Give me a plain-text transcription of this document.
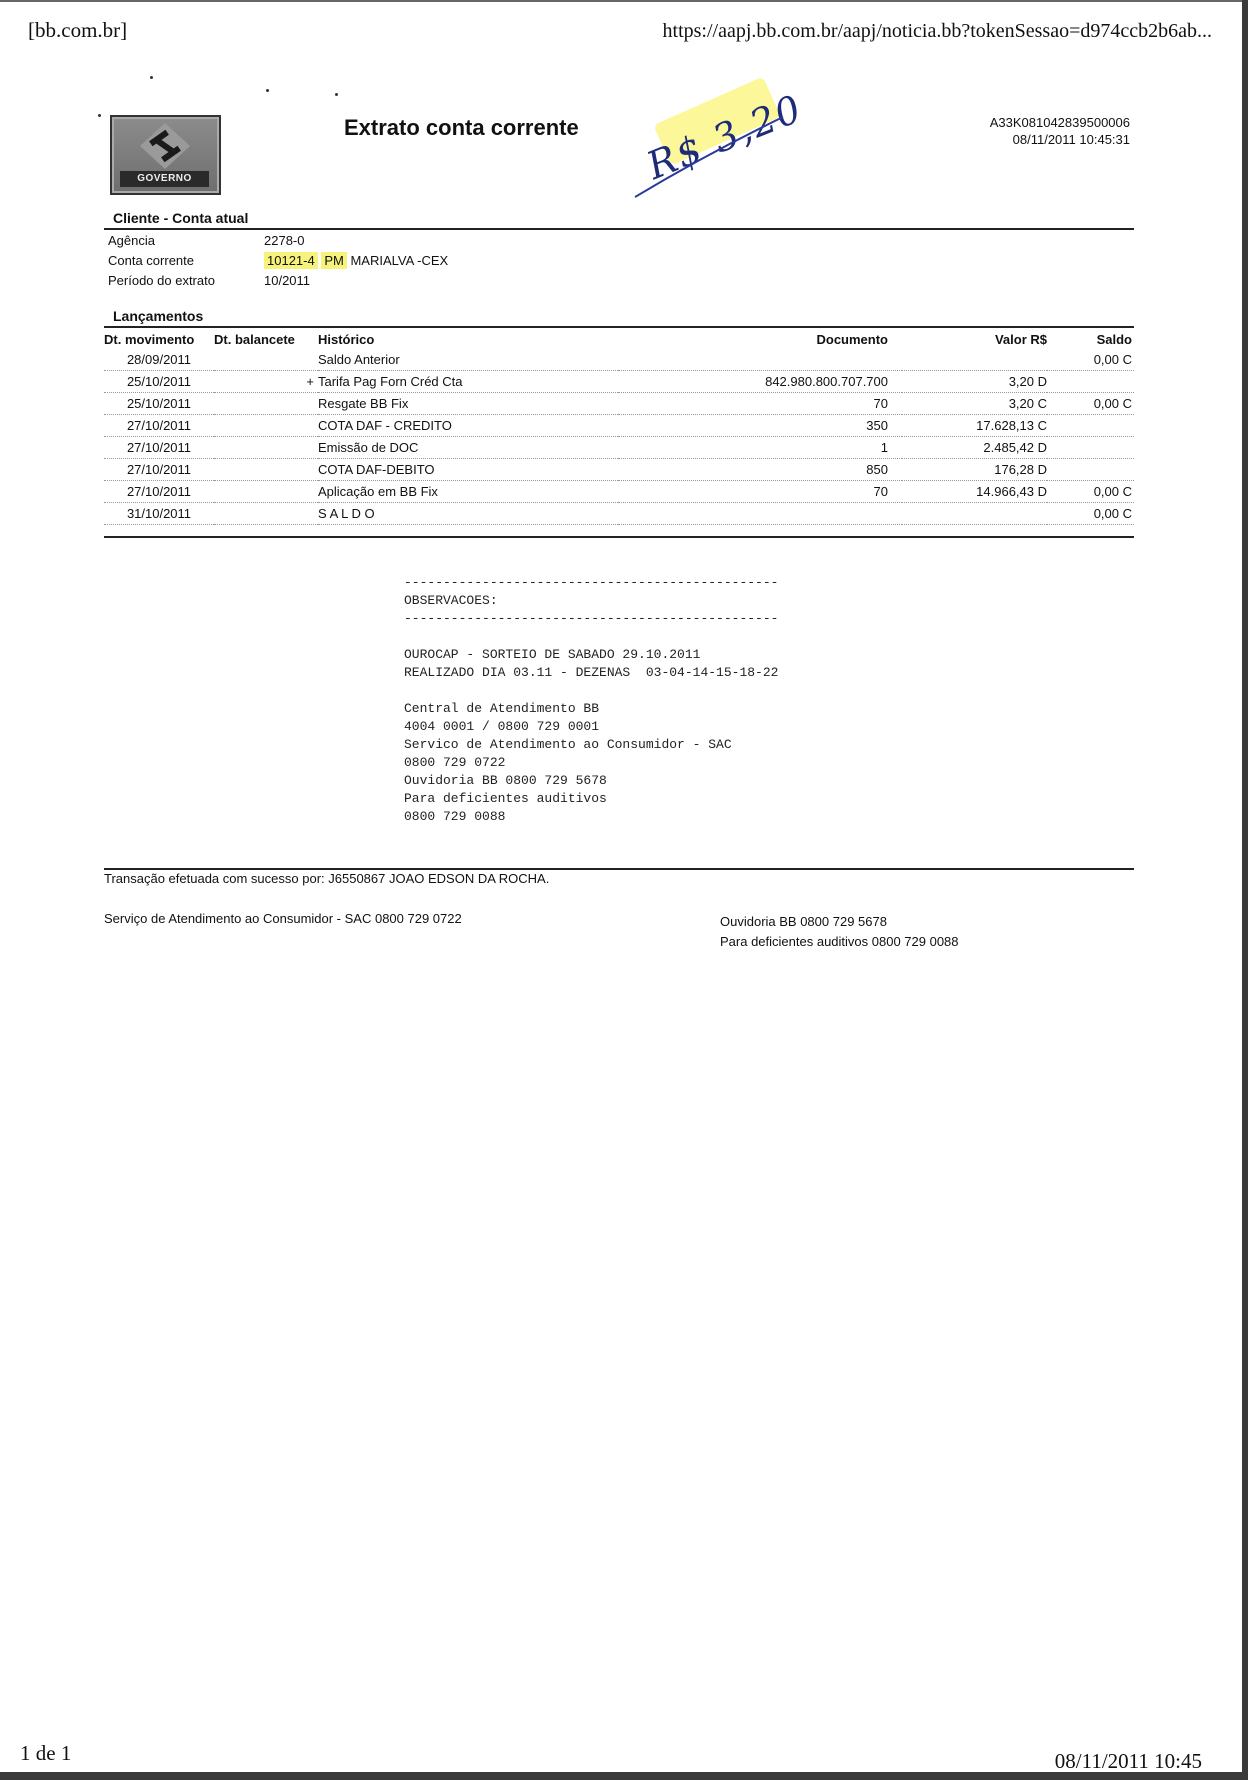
[bb.com.br]	https://aapj.bb.com.br/aapj/noticia.bb?tokenSessao=d974ccb2b6ab...
GOVERNO
Extrato conta corrente R$ 3,20	A33K081042839500006
08/11/2011 10:45:31
Cliente - Conta atual
Agência	2278-0
Conta corrente	10121-4 PM MARIALVA -CEX
Período do extrato	10/2011
Lançamentos
Dt. movimento	Dt. balancete	Histórico	Documento	Valor R$	Saldo
28/09/2011		Saldo Anterior			0,00 C
25/10/2011	+	Tarifa Pag Forn Créd Cta	842.980.800.707.700	3,20 D	
25/10/2011		Resgate BB Fix	70	3,20 C	0,00 C
27/10/2011		COTA DAF - CREDITO	350	17.628,13 C	
27/10/2011		Emissão de DOC	1	2.485,42 D	
27/10/2011		COTA DAF-DEBITO	850	176,28 D	
27/10/2011		Aplicação em BB Fix	70	14.966,43 D	0,00 C
31/10/2011		S A L D O			0,00 C
------------------------------------------------
OBSERVACOES:
------------------------------------------------
OUROCAP - SORTEIO DE SABADO 29.10.2011
REALIZADO DIA 03.11 - DEZENAS  03-04-14-15-18-22
Central de Atendimento BB
4004 0001 / 0800 729 0001
Servico de Atendimento ao Consumidor - SAC
0800 729 0722
Ouvidoria BB 0800 729 5678
Para deficientes auditivos
0800 729 0088
Transação efetuada com sucesso por: J6550867 JOAO EDSON DA ROCHA.
Serviço de Atendimento ao Consumidor - SAC 0800 729 0722	Ouvidoria BB 0800 729 5678
Para deficientes auditivos 0800 729 0088
1 de 1	08/11/2011 10:45
